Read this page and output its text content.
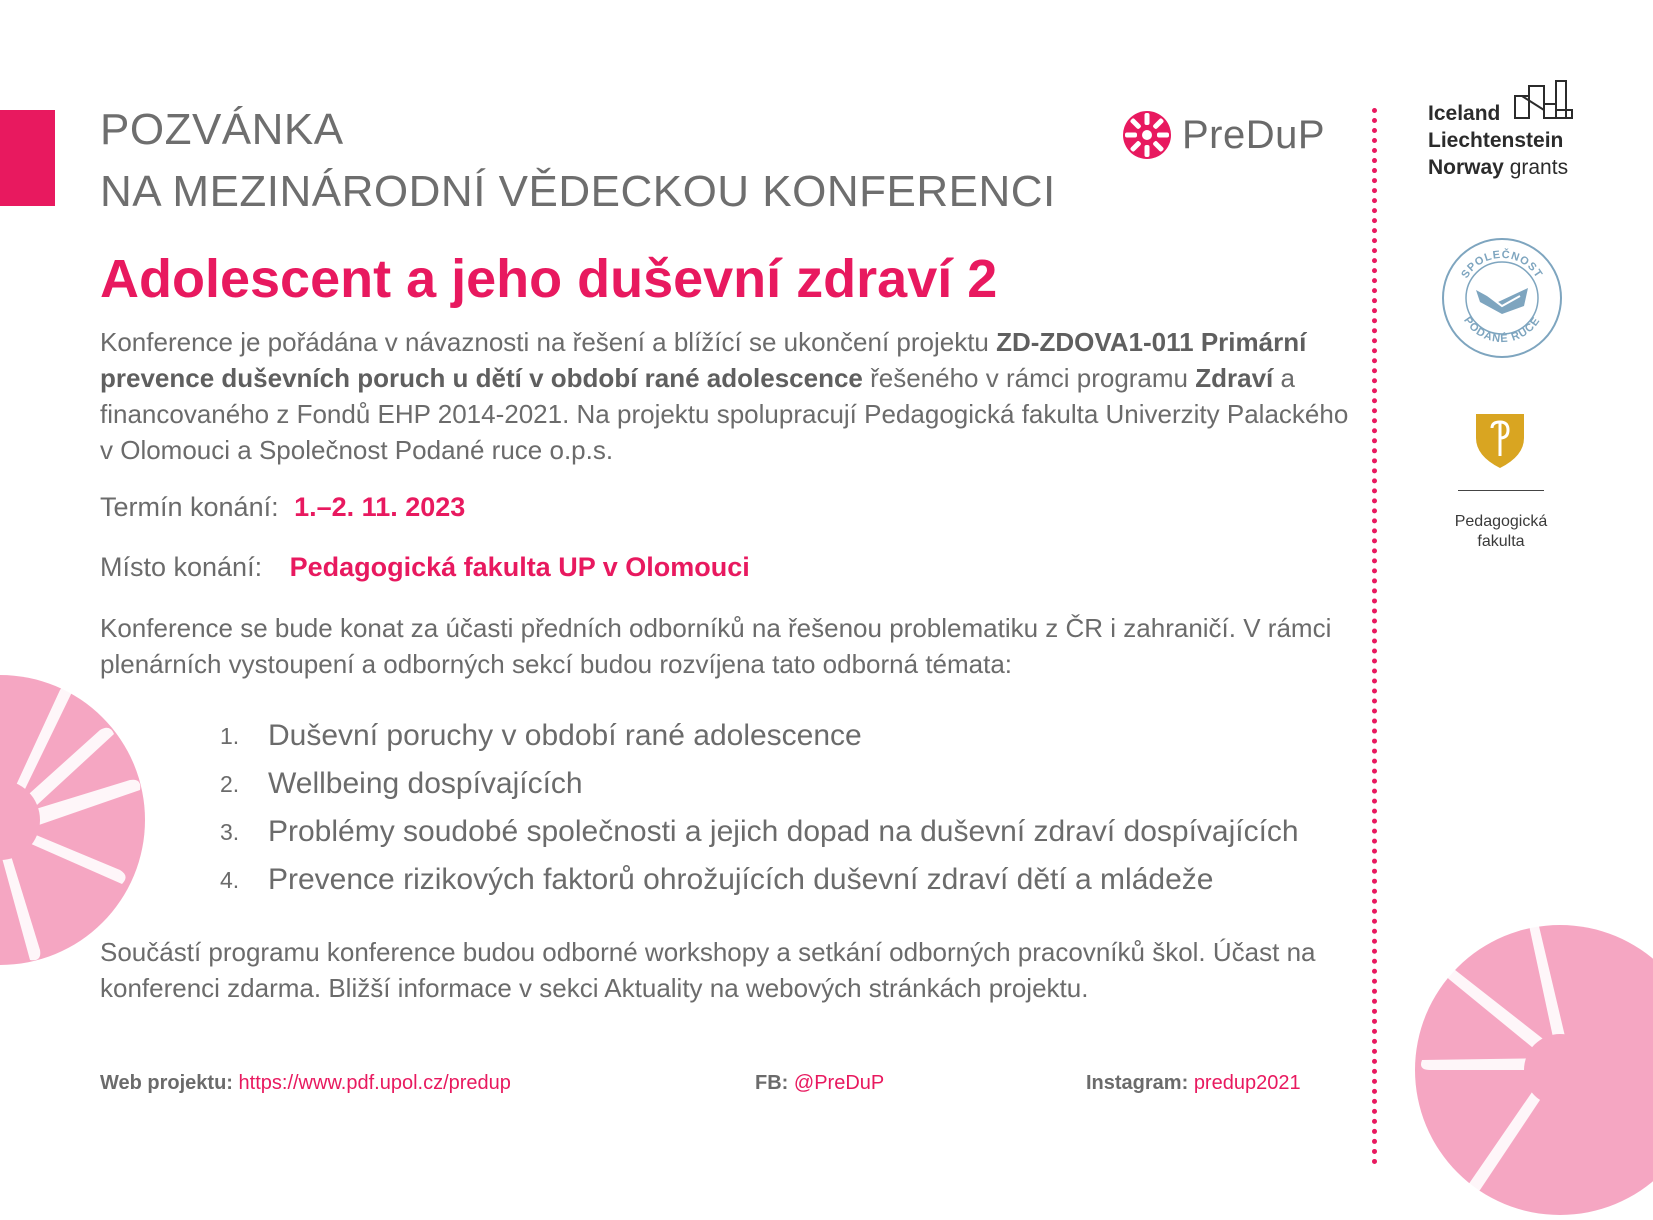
POZVÁNKA
NA MEZINÁRODNÍ VĚDECKOU KONFERENCI
Adolescent a jeho duševní zdraví 2

Konference je pořádána v návaznosti na řešení a blížící se ukončení projektu ZD-ZDOVA1-011 Primární prevence duševních poruch u dětí v období rané adolescence řešeného v rámci programu Zdraví a financovaného z Fondů EHP 2014-2021. Na projektu spolupracují Pedagogická fakulta Univerzity Palackého v Olomouci a Společnost Podané ruce o.p.s.

Termín konání: 1.–2. 11. 2023
Místo konání: Pedagogická fakulta UP v Olomouci

Konference se bude konat za účasti předních odborníků na řešenou problematiku z ČR i zahraničí. V rámci plenárních vystoupení a odborných sekcí budou rozvíjena tato odborná témata:

1. Duševní poruchy v období rané adolescence
2. Wellbeing dospívajících
3. Problémy soudobé společnosti a jejich dopad na duševní zdraví dospívajících
4. Prevence rizikových faktorů ohrožujících duševní zdraví dětí a mládeže

Součástí programu konference budou odborné workshopy a setkání odborných pracovníků škol. Účast na konferenci zdarma. Bližší informace v sekci Aktuality na webových stránkách projektu.

Web projektu: https://www.pdf.upol.cz/predup	FB: @PreDuP	Instagram: predup2021
PreDuP	Iceland
Liechtenstein
Norway grants
SPOLEČNOST
PODANÉ RUCE
Pedagogická
fakulta
